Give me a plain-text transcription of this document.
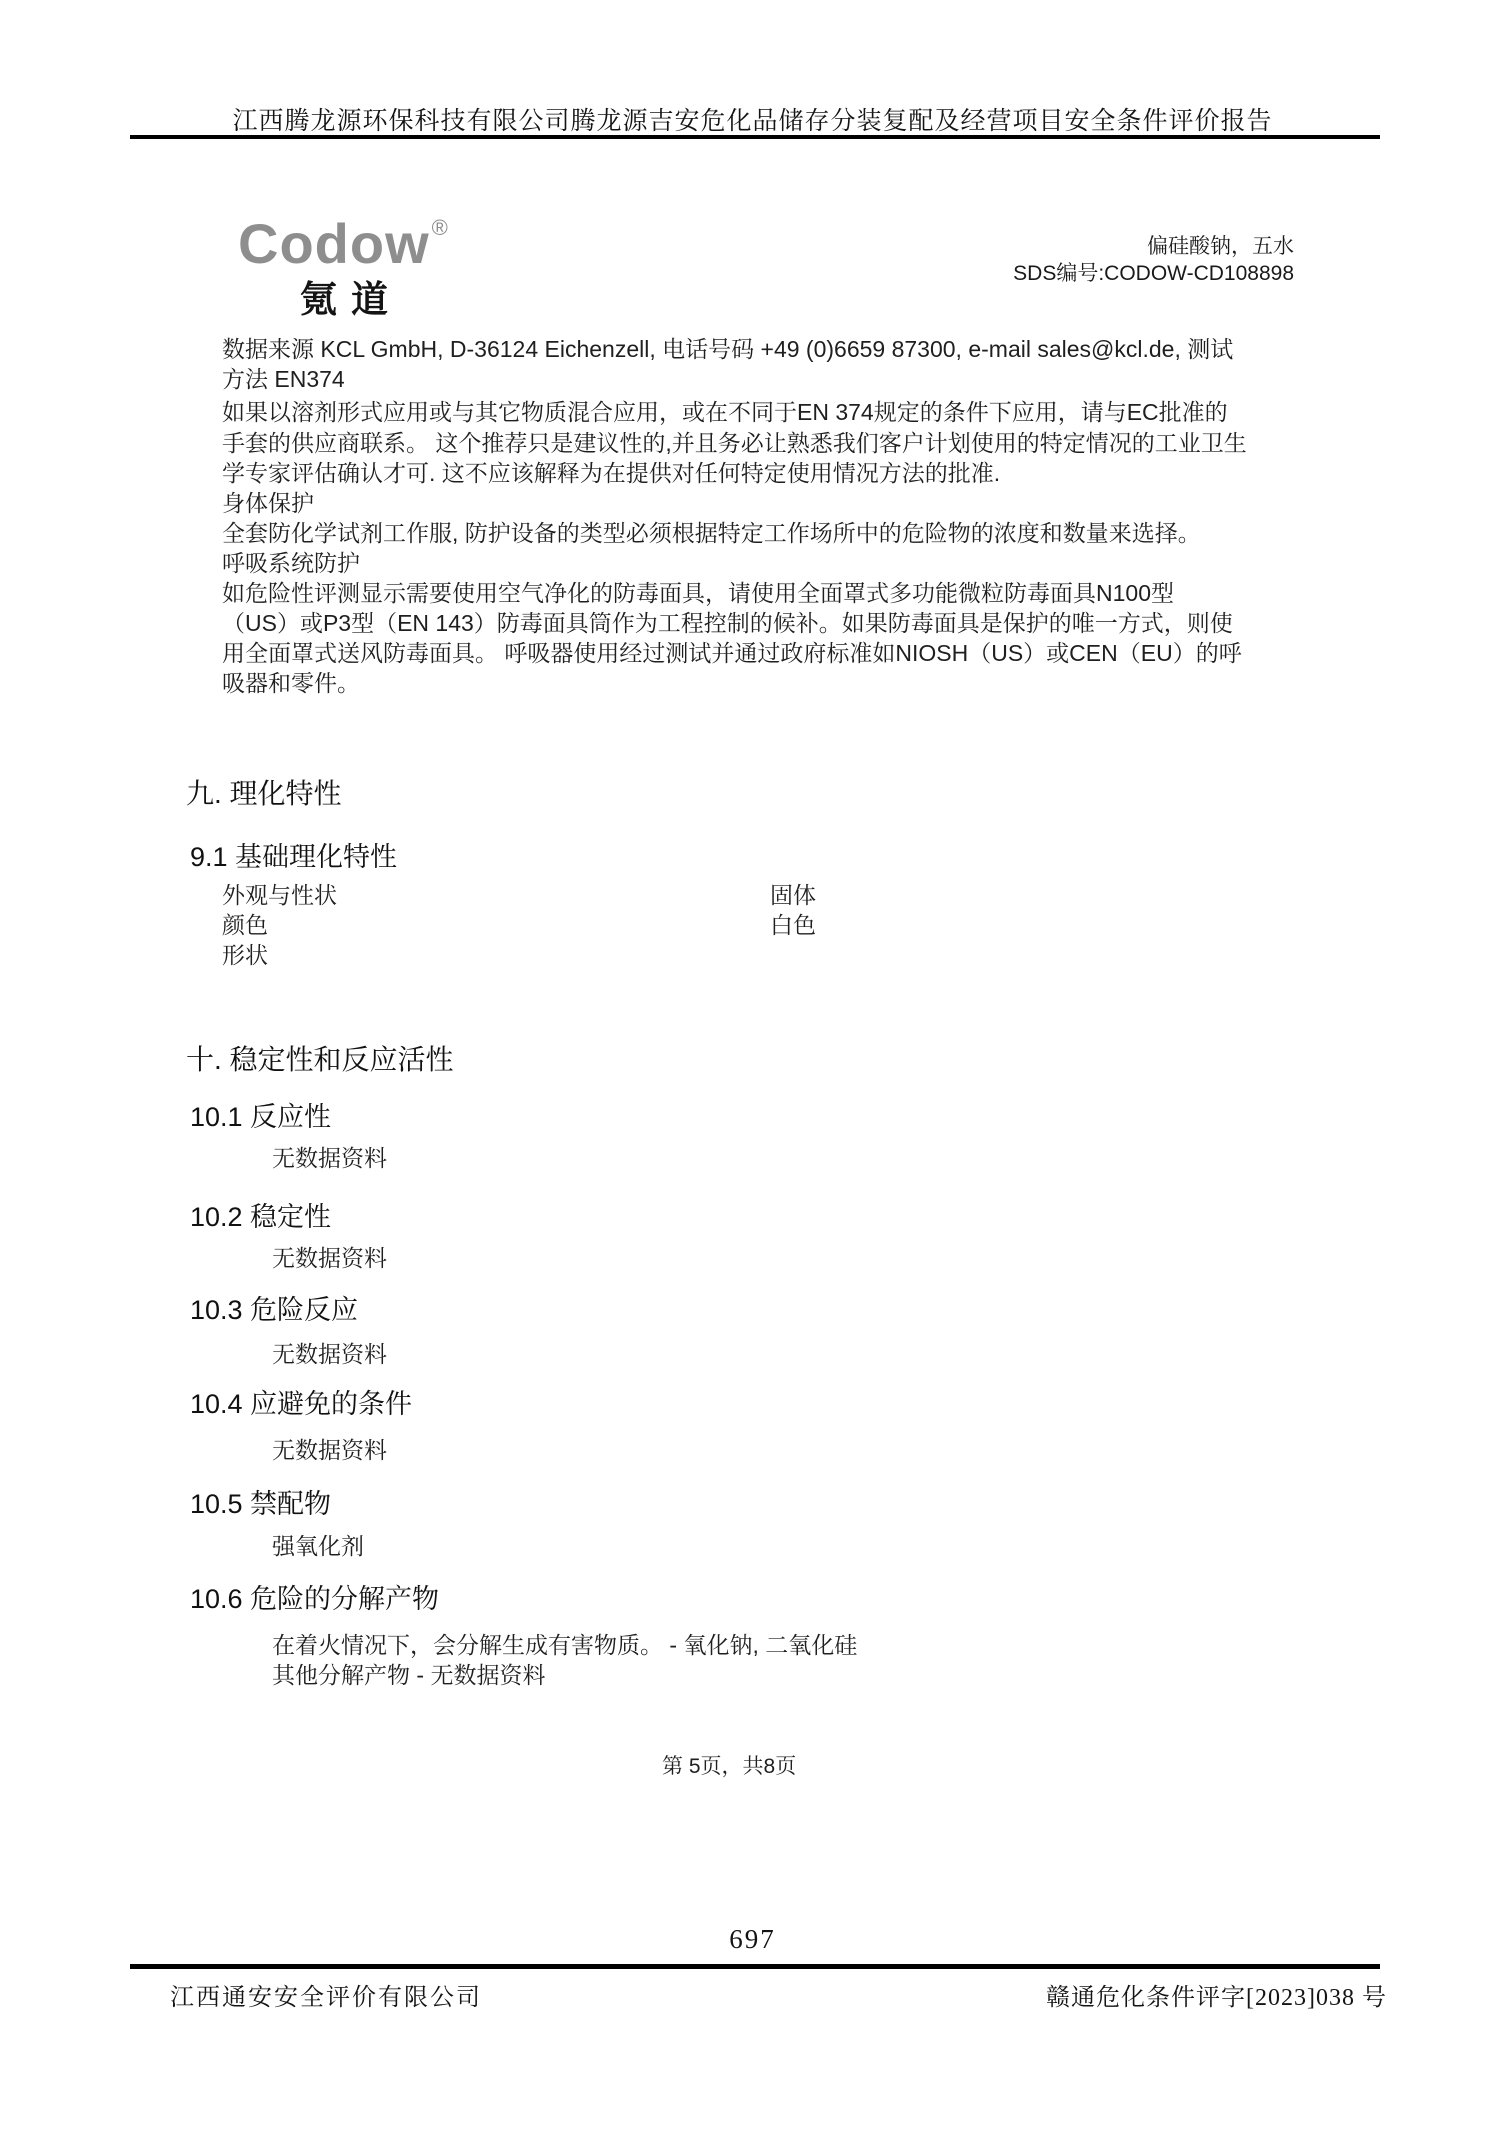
江西腾龙源环保科技有限公司腾龙源吉安危化品储存分装复配及经营项目安全条件评价报告
Codow®
氪道
偏硅酸钠，五水
SDS编号:CODOW-CD108898
数据来源 KCL GmbH, D-36124 Eichenzell, 电话号码 +49 (0)6659 87300, e-mail sales@kcl.de, 测试
方法 EN374
如果以溶剂形式应用或与其它物质混合应用，或在不同于EN 374规定的条件下应用，请与EC批准的
手套的供应商联系。 这个推荐只是建议性的,并且务必让熟悉我们客户计划使用的特定情况的工业卫生
学专家评估确认才可. 这不应该解释为在提供对任何特定使用情况方法的批准.
身体保护
全套防化学试剂工作服, 防护设备的类型必须根据特定工作场所中的危险物的浓度和数量来选择。
呼吸系统防护
如危险性评测显示需要使用空气净化的防毒面具，请使用全面罩式多功能微粒防毒面具N100型
（US）或P3型（EN 143）防毒面具筒作为工程控制的候补。如果防毒面具是保护的唯一方式，则使
用全面罩式送风防毒面具。 呼吸器使用经过测试并通过政府标准如NIOSH（US）或CEN（EU）的呼
吸器和零件。
九. 理化特性
9.1 基础理化特性
外观与性状	固体
颜色	白色
形状
十. 稳定性和反应活性
10.1 反应性
无数据资料
10.2 稳定性
无数据资料
10.3 危险反应
无数据资料
10.4 应避免的条件
无数据资料
10.5 禁配物
强氧化剂
10.6 危险的分解产物
在着火情况下，会分解生成有害物质。 - 氧化钠, 二氧化硅
其他分解产物 - 无数据资料
第 5页，共8页
697
江西通安安全评价有限公司	赣通危化条件评字[2023]038 号
